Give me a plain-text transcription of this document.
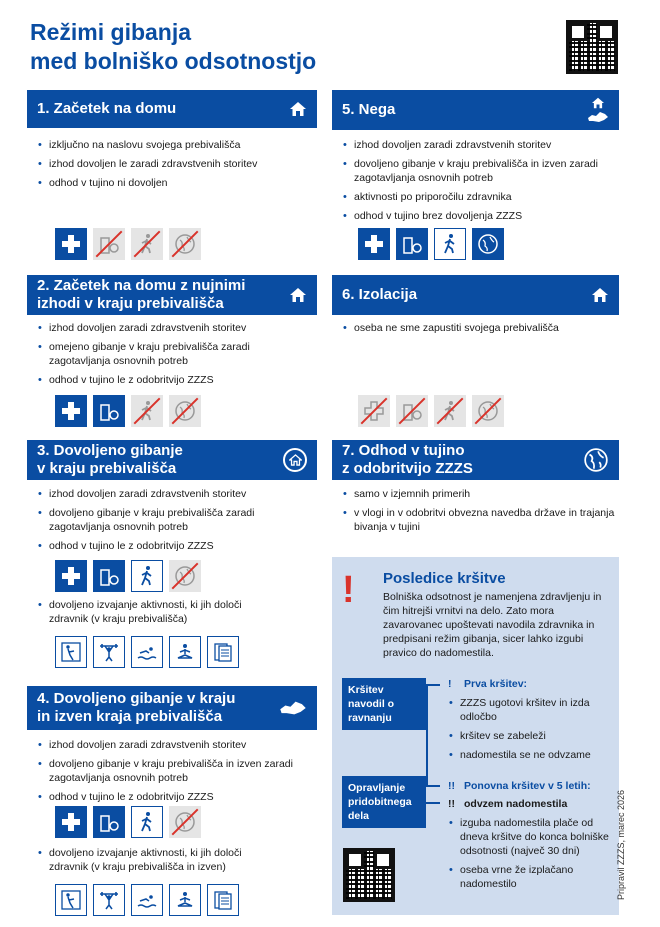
Režimi gibanja
med bolniško odsotnostjo
1. Začetek na domu
• izključno na naslovu svojega prebivališča
• izhod dovoljen le zaradi zdravstvenih storitev
• odhod v tujino ni dovoljen
5. Nega
• izhod dovoljen zaradi zdravstvenih storitev
• dovoljeno gibanje v kraju prebivališča in izven zaradi zagotavljanja osnovnih potreb
• aktivnosti po priporočilu zdravnika
• odhod v tujino brez dovoljenja ZZZS
2. Začetek na domu z nujnimi
izhodi v kraju prebivališča
• izhod dovoljen zaradi zdravstvenih storitev
• omejeno gibanje v kraju prebivališča zaradi zagotavljanja osnovnih potreb
• odhod v tujino le z odobritvijo ZZZS
6. Izolacija
• oseba ne sme zapustiti svojega prebivališča
3. Dovoljeno gibanje
v kraju prebivališča
• izhod dovoljen zaradi zdravstvenih storitev
• dovoljeno gibanje v kraju prebivališča zaradi zagotavljanja osnovnih potreb
• odhod v tujino le z odobritvijo ZZZS
• dovoljeno izvajanje aktivnosti, ki jih določi zdravnik (v kraju prebivališča)
7. Odhod v tujino
z odobritvijo ZZZS
• samo v izjemnih primerih
• v vlogi in v odobritvi obvezna navedba države in trajanja bivanja v tujini
4. Dovoljeno gibanje v kraju
in izven kraja prebivališča
• izhod dovoljen zaradi zdravstvenih storitev
• dovoljeno gibanje v kraju prebivališča in izven zaradi zagotavljanja osnovnih potreb
• odhod v tujino le z odobritvijo ZZZS
• dovoljeno izvajanje aktivnosti, ki jih določi zdravnik (v kraju prebivališča in izven)
! Posledice kršitve
Bolniška odsotnost je namenjena zdravljenju in čim hitrejši vrnitvi na delo. Zato mora zavarovanec upoštevati navodila zdravnika in predpisani režim gibanja, sicer lahko izgubi pravico do nadomestila.
Kršitev navodil o ravnanju
Opravljanje pridobitnega dela
! Prva kršitev:
• ZZZS ugotovi kršitev in izda odločbo
• kršitev se zabeleži
• nadomestila se ne odvzame
!! Ponovna kršitev v 5 letih:
!! odvzem nadomestila
• izguba nadomestila plače od dneva kršitve do konca bolniške odsotnosti (največ 30 dni)
• oseba vrne že izplačano nadomestilo	Pripravil ZZZS, marec 2026
